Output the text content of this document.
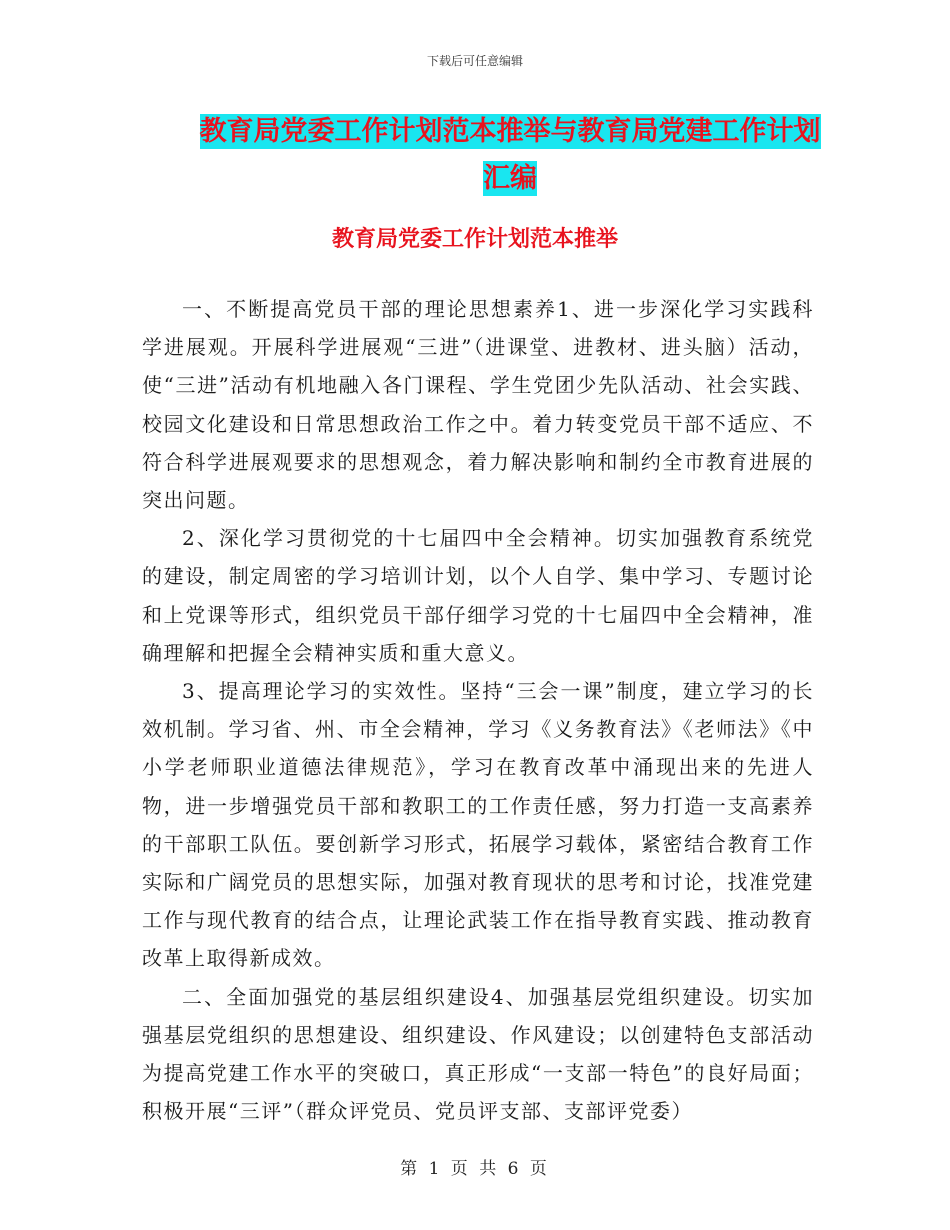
下载后可任意编辑
教育局党委工作计划范本推举与教育局党建工作计划
汇编
教育局党委工作计划范本推举

一、不断提高党员干部的理论思想素养1、进一步深化学习实践科学进展观。开展科学进展观“三进”（进课堂、进教材、进头脑）活动，使“三进”活动有机地融入各门课程、学生党团少先队活动、社会实践、校园文化建设和日常思想政治工作之中。着力转变党员干部不适应、不符合科学进展观要求的思想观念，着力解决影响和制约全市教育进展的突出问题。

2、深化学习贯彻党的十七届四中全会精神。切实加强教育系统党的建设，制定周密的学习培训计划，以个人自学、集中学习、专题讨论和上党课等形式，组织党员干部仔细学习党的十七届四中全会精神，准确理解和把握全会精神实质和重大意义。

3、提高理论学习的实效性。坚持“三会一课”制度，建立学习的长效机制。学习省、州、市全会精神，学习《义务教育法》《老师法》《中小学老师职业道德法律规范》，学习在教育改革中涌现出来的先进人物，进一步增强党员干部和教职工的工作责任感，努力打造一支高素养的干部职工队伍。要创新学习形式，拓展学习载体，紧密结合教育工作实际和广阔党员的思想实际，加强对教育现状的思考和讨论，找准党建工作与现代教育的结合点，让理论武装工作在指导教育实践、推动教育改革上取得新成效。

二、全面加强党的基层组织建设4、加强基层党组织建设。切实加强基层党组织的思想建设、组织建设、作风建设；以创建特色支部活动为提高党建工作水平的突破口，真正形成“一支部一特色”的良好局面；积极开展“三评”（群众评党员、党员评支部、支部评党委）

第 1 页 共 6 页
